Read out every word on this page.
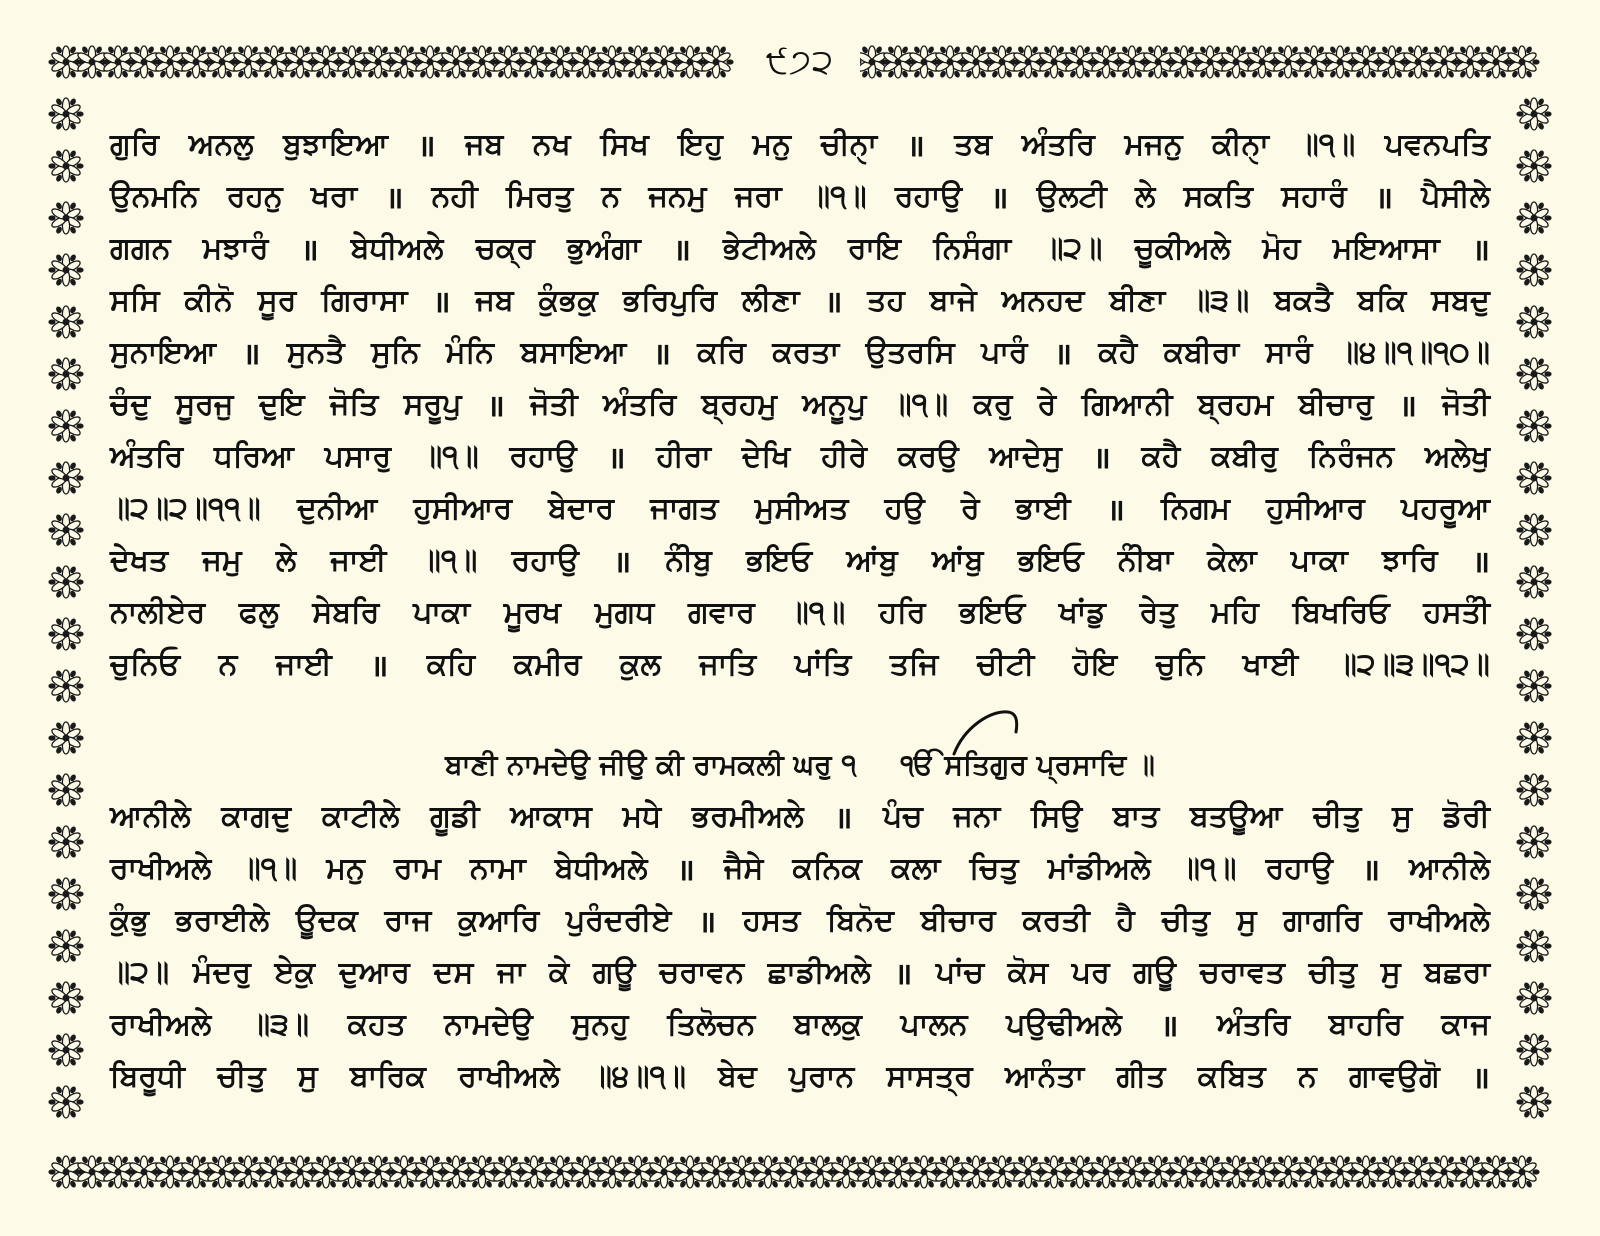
੯੭੨
ਗੁਰਿ ਅਨਲੁ ਬੁਝਾਇਆ ॥ ਜਬ ਨਖ ਸਿਖ ਇਹੁ ਮਨੁ ਚੀਨੑਾ ॥ ਤਬ ਅੰਤਰਿ ਮਜਨੁ ਕੀਨੑਾ ॥੧॥ ਪਵਨਪਤਿ
ਉਨਮਨਿ ਰਹਨੁ ਖਰਾ ॥ ਨਹੀ ਮਿਰਤੁ ਨ ਜਨਮੁ ਜਰਾ ॥੧॥ ਰਹਾਉ ॥ ਉਲਟੀ ਲੇ ਸਕਤਿ ਸਹਾਰੰ ॥ ਪੈਸੀਲੇ
ਗਗਨ ਮਝਾਰੰ ॥ ਬੇਧੀਅਲੇ ਚਕ੍ਰ ਭੁਅੰਗਾ ॥ ਭੇਟੀਅਲੇ ਰਾਇ ਨਿਸੰਗਾ ॥੨॥ ਚੂਕੀਅਲੇ ਮੋਹ ਮਇਆਸਾ ॥
ਸਸਿ ਕੀਨੋ ਸੂਰ ਗਿਰਾਸਾ ॥ ਜਬ ਕੁੰਭਕੁ ਭਰਿਪੁਰਿ ਲੀਣਾ ॥ ਤਹ ਬਾਜੇ ਅਨਹਦ ਬੀਣਾ ॥੩॥ ਬਕਤੈ ਬਕਿ ਸਬਦੁ
ਸੁਨਾਇਆ ॥ ਸੁਨਤੈ ਸੁਨਿ ਮੰਨਿ ਬਸਾਇਆ ॥ ਕਰਿ ਕਰਤਾ ਉਤਰਸਿ ਪਾਰੰ ॥ ਕਹੈ ਕਬੀਰਾ ਸਾਰੰ ॥੪॥੧॥੧੦॥
ਚੰਦੁ ਸੂਰਜੁ ਦੁਇ ਜੋਤਿ ਸਰੂਪੁ ॥ ਜੋਤੀ ਅੰਤਰਿ ਬ੍ਰਹਮੁ ਅਨੂਪੁ ॥੧॥ ਕਰੁ ਰੇ ਗਿਆਨੀ ਬ੍ਰਹਮ ਬੀਚਾਰੁ ॥ ਜੋਤੀ
ਅੰਤਰਿ ਧਰਿਆ ਪਸਾਰੁ ॥੧॥ ਰਹਾਉ ॥ ਹੀਰਾ ਦੇਖਿ ਹੀਰੇ ਕਰਉ ਆਦੇਸੁ ॥ ਕਹੈ ਕਬੀਰੁ ਨਿਰੰਜਨ ਅਲੇਖੁ
॥੨॥੨॥੧੧॥ ਦੁਨੀਆ ਹੁਸੀਆਰ ਬੇਦਾਰ ਜਾਗਤ ਮੁਸੀਅਤ ਹਉ ਰੇ ਭਾਈ ॥ ਨਿਗਮ ਹੁਸੀਆਰ ਪਹਰੂਆ
ਦੇਖਤ ਜਮੁ ਲੇ ਜਾਈ ॥੧॥ ਰਹਾਉ ॥ ਨੀੰਬੁ ਭਇਓ ਆਂਬੁ ਆਂਬੁ ਭਇਓ ਨੀੰਬਾ ਕੇਲਾ ਪਾਕਾ ਝਾਰਿ ॥
ਨਾਲੀਏਰ ਫਲੁ ਸੇਬਰਿ ਪਾਕਾ ਮੂਰਖ ਮੁਗਧ ਗਵਾਰ ॥੧॥ ਹਰਿ ਭਇਓ ਖਾਂਡੁ ਰੇਤੁ ਮਹਿ ਬਿਖਰਿਓ ਹਸਤੀੰ
ਚੁਨਿਓ ਨ ਜਾਈ ॥ ਕਹਿ ਕਮੀਰ ਕੁਲ ਜਾਤਿ ਪਾਂਤਿ ਤਜਿ ਚੀਟੀ ਹੋਇ ਚੁਨਿ ਖਾਈ ॥੨॥੩॥੧੨॥
ਬਾਣੀ ਨਾਮਦੇਉ ਜੀਉ ਕੀ ਰਾਮਕਲੀ ਘਰੁ ੧ ੴ ਸਤਿਗੁਰ ਪ੍ਰਸਾਦਿ ॥
ਆਨੀਲੇ ਕਾਗਦੁ ਕਾਟੀਲੇ ਗੂਡੀ ਆਕਾਸ ਮਧੇ ਭਰਮੀਅਲੇ ॥ ਪੰਚ ਜਨਾ ਸਿਉ ਬਾਤ ਬਤਊਆ ਚੀਤੁ ਸੁ ਡੋਰੀ
ਰਾਖੀਅਲੇ ॥੧॥ ਮਨੁ ਰਾਮ ਨਾਮਾ ਬੇਧੀਅਲੇ ॥ ਜੈਸੇ ਕਨਿਕ ਕਲਾ ਚਿਤੁ ਮਾਂਡੀਅਲੇ ॥੧॥ ਰਹਾਉ ॥ ਆਨੀਲੇ
ਕੁੰਭੁ ਭਰਾਈਲੇ ਊਦਕ ਰਾਜ ਕੁਆਰਿ ਪੁਰੰਦਰੀਏ ॥ ਹਸਤ ਬਿਨੋਦ ਬੀਚਾਰ ਕਰਤੀ ਹੈ ਚੀਤੁ ਸੁ ਗਾਗਰਿ ਰਾਖੀਅਲੇ
॥੨॥ ਮੰਦਰੁ ਏਕੁ ਦੁਆਰ ਦਸ ਜਾ ਕੇ ਗਊ ਚਰਾਵਨ ਛਾਡੀਅਲੇ ॥ ਪਾਂਚ ਕੋਸ ਪਰ ਗਊ ਚਰਾਵਤ ਚੀਤੁ ਸੁ ਬਛਰਾ
ਰਾਖੀਅਲੇ ॥੩॥ ਕਹਤ ਨਾਮਦੇਉ ਸੁਨਹੁ ਤਿਲੋਚਨ ਬਾਲਕੁ ਪਾਲਨ ਪਉਢੀਅਲੇ ॥ ਅੰਤਰਿ ਬਾਹਰਿ ਕਾਜ
ਬਿਰੂਧੀ ਚੀਤੁ ਸੁ ਬਾਰਿਕ ਰਾਖੀਅਲੇ ॥੪॥੧॥ ਬੇਦ ਪੁਰਾਨ ਸਾਸਤ੍ਰ ਆਨੰਤਾ ਗੀਤ ਕਬਿਤ ਨ ਗਾਵਉਗੋ ॥
